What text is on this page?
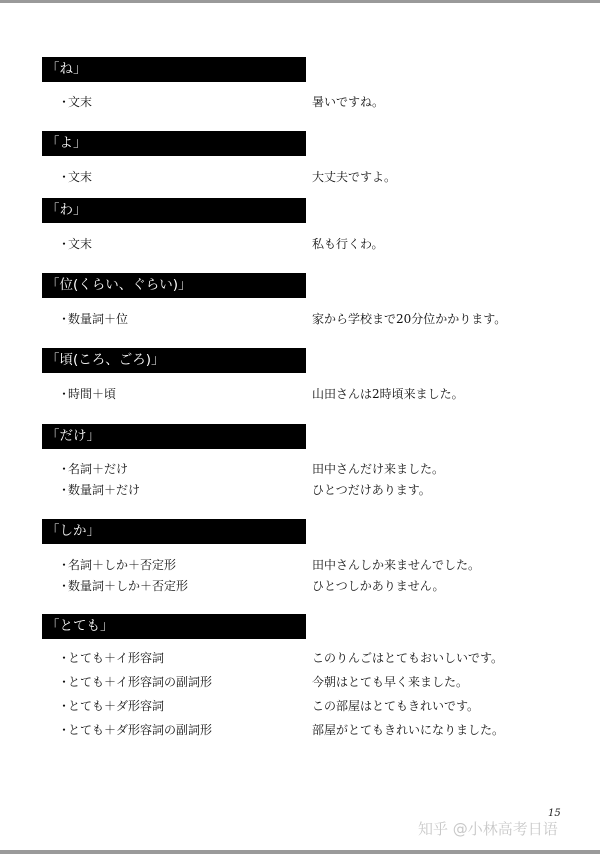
「ね」
・
文末	暑いですね。
「よ」
・
文末	大丈夫ですよ。
「わ」
・
文末	私も行くわ。
「位(くらい、ぐらい)」
・
数量詞＋位	家から学校まで20分位かかります。
「頃(ころ、ごろ)」
・
時間＋頃	山田さんは2時頃来ました。
「だけ」
・
名詞＋だけ	田中さんだけ来ました。
・
数量詞＋だけ	ひとつだけあります。
「しか」
・
名詞＋しか＋否定形	田中さんしか来ませんでした。
・
数量詞＋しか＋否定形	ひとつしかありません。
「とても」
・
とても＋イ形容詞	このりんごはとてもおいしいです。
・
とても＋イ形容詞の副詞形	今朝はとても早く来ました。
・
とても＋ダ形容詞	この部屋はとてもきれいです。
・
とても＋ダ形容詞の副詞形	部屋がとてもきれいになりました。
15
知乎 @小林高考日语
